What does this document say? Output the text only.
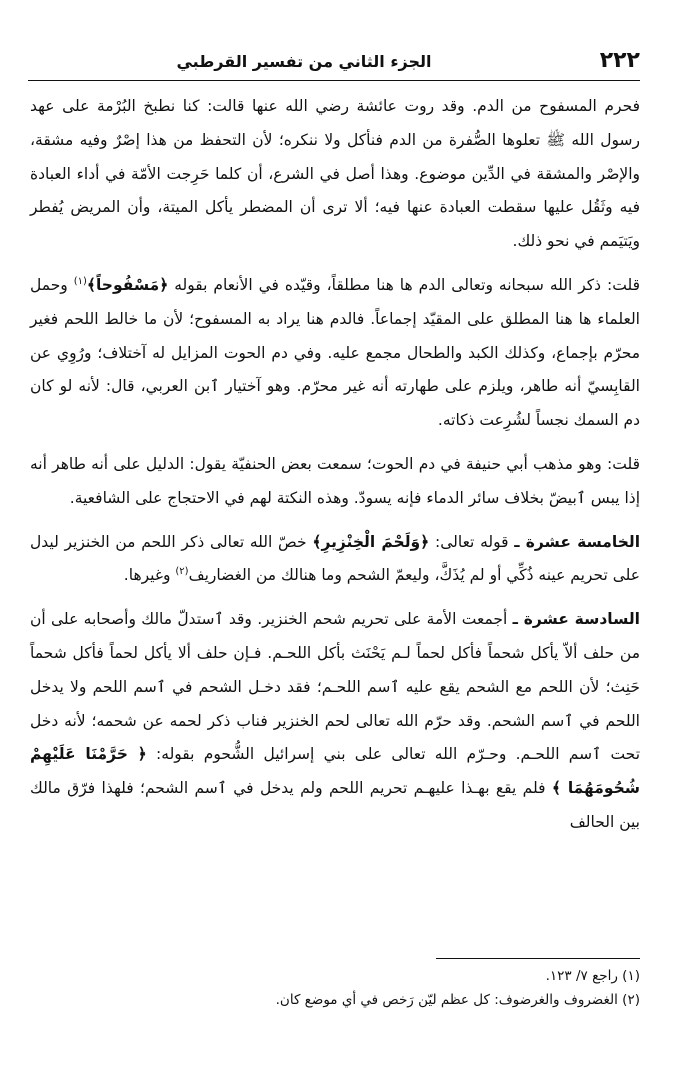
٢٢٢
الجزء الثاني من تفسير القرطبي

فحرم المسفوح من الدم. وقد روت عائشة رضي الله عنها قالت: كنا نطبخ البُرْمة على عهد رسول الله ﷺ تعلوها الصُّفرة من الدم فنأكل ولا ننكره؛ لأن التحفظ من هذا إصْرٌ وفيه مشقة، والإصْر والمشقة في الدِّين موضوع. وهذا أصل في الشرع، أن كلما حَرِجت الأمّة في أداء العبادة فيه وثَقُل عليها سقطت العبادة عنها فيه؛ ألا ترى أن المضطر يأكل الميتة، وأن المريض يُفطر ويَتيَمم في نحو ذلك.

قلت: ذكر الله سبحانه وتعالى الدم ها هنا مطلقاً، وقيّده في الأنعام بقوله ﴿مَسْفُوحاً﴾$^{(١)}$ وحمل العلماء ها هنا المطلق على المقيّد إجماعاً. فالدم هنا يراد به المسفوح؛ لأن ما خالط اللحم فغير محرّم بإجماع، وكذلك الكبد والطحال مجمع عليه. وفي دم الحوت المزايل له آختلاف؛ ورُوِي عن القابِسيّ أنه طاهر، ويلزم على طهارته أنه غير محرّم. وهو آختيار ٱبن العربي، قال: لأنه لو كان دم السمك نجساً لشُرِعت ذكاته.

قلت: وهو مذهب أبي حنيفة في دم الحوت؛ سمعت بعض الحنفيّة يقول: الدليل على أنه طاهر أنه إذا يبس ٱبيضّ بخلاف سائر الدماء فإنه يسودّ. وهذه النكتة لهم في الاحتجاج على الشافعية.

الخامسة عشرة ـ قوله تعالى: ﴿وَلَحْمَ الْخِنْزِيرِ﴾ خصّ الله تعالى ذكر اللحم من الخنزير ليدل على تحريم عينه ذُكِّي أو لم يُذَكَّ، وليعمّ الشحم وما هنالك من الغضاريف$^{(٢)}$ وغيرها.

السادسة عشرة ـ أجمعت الأمة على تحريم شحم الخنزير. وقد ٱستدلّ مالك وأصحابه على أن من حلف ألاّ يأكل شحماً فأكل لحماً لـم يَحْنَث بأكل اللحـم. فـإن حلف ألا يأكل لحماً فأكل شحماً حَنِث؛ لأن اللحم مع الشحم يقع عليه ٱسم اللحـم؛ فقد دخـل الشحم في ٱسم اللحم ولا يدخل اللحم في ٱسم الشحم. وقد حرّم الله تعالى لحم الخنزير فناب ذكر لحمه عن شحمه؛ لأنه دخل تحت ٱسم اللحـم. وحـرّم الله تعالى على بني إسرائيل الشُّحوم بقوله: ﴿ حَرَّمْنَا عَلَيْهِمْ شُحُومَهُمَا ﴾ فلم يقع بهـذا عليهـم تحريم اللحم ولم يدخل في ٱسم الشحم؛ فلهذا فرّق مالك بين الحالف

(١) راجع ٧/ ١٢٣.

(٢) الغضروف والغرضوف: كل عظم ليّن رَخص في أي موضع كان.
